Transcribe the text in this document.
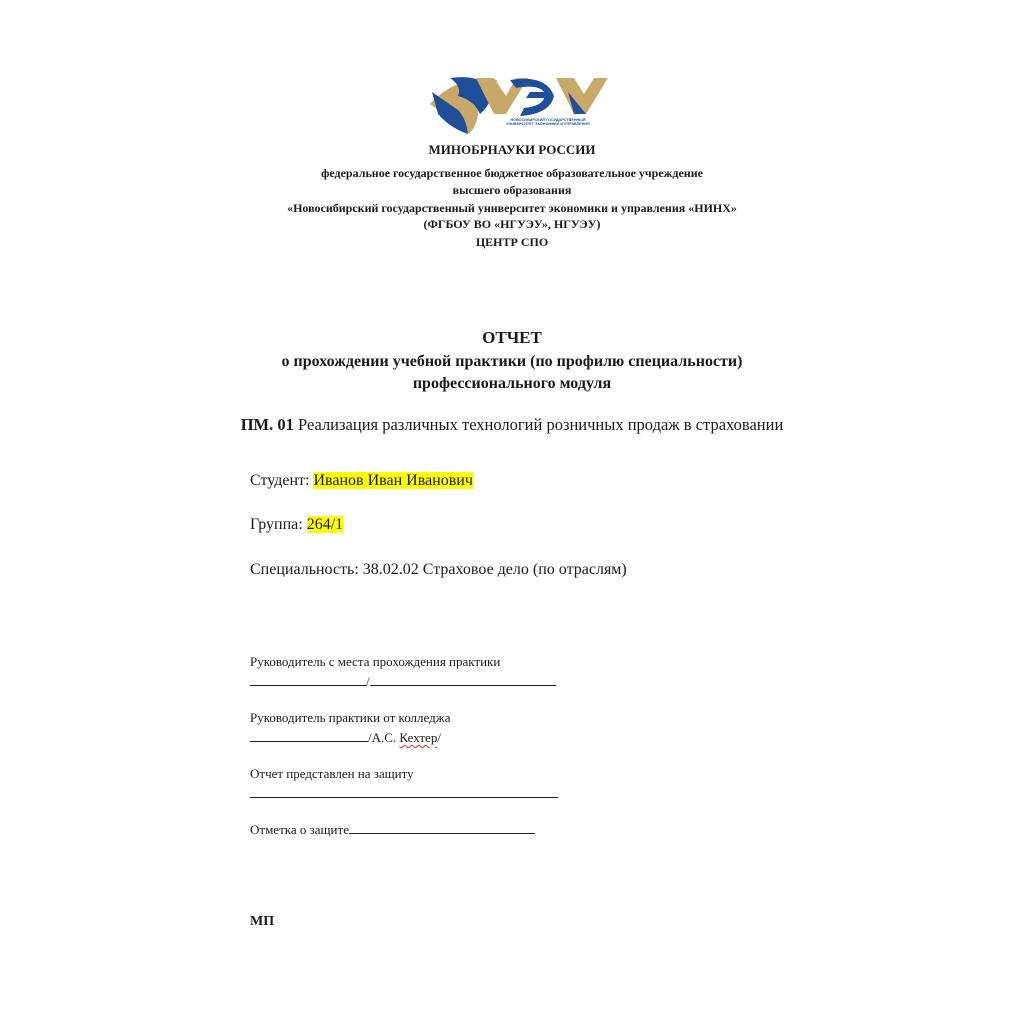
НОВОСИБИРСКИЙ ГОСУДАРСТВЕННЫЙ
УНИВЕРСИТЕТ ЭКОНОМИКИ И УПРАВЛЕНИЯ
МИНОБРНАУКИ РОССИИ
федеральное государственное бюджетное образовательное учреждение
высшего образования
«Новосибирский государственный университет экономики и управления «НИНХ»
(ФГБОУ ВО «НГУЭУ», НГУЭУ)
ЦЕНТР СПО
ОТЧЕТ
о прохождении учебной практики (по профилю специальности)
профессионального модуля
ПМ. 01 Реализация различных технологий розничных продаж в страховании
Студент: Иванов Иван Иванович
Группа: 264/1
Специальность: 38.02.02 Страховое дело (по отраслям)
Руководитель с места прохождения практики
/
Руководитель практики от колледжа
/А.С. Кехтер/
Отчет представлен на защиту
Отметка о защите
МП
